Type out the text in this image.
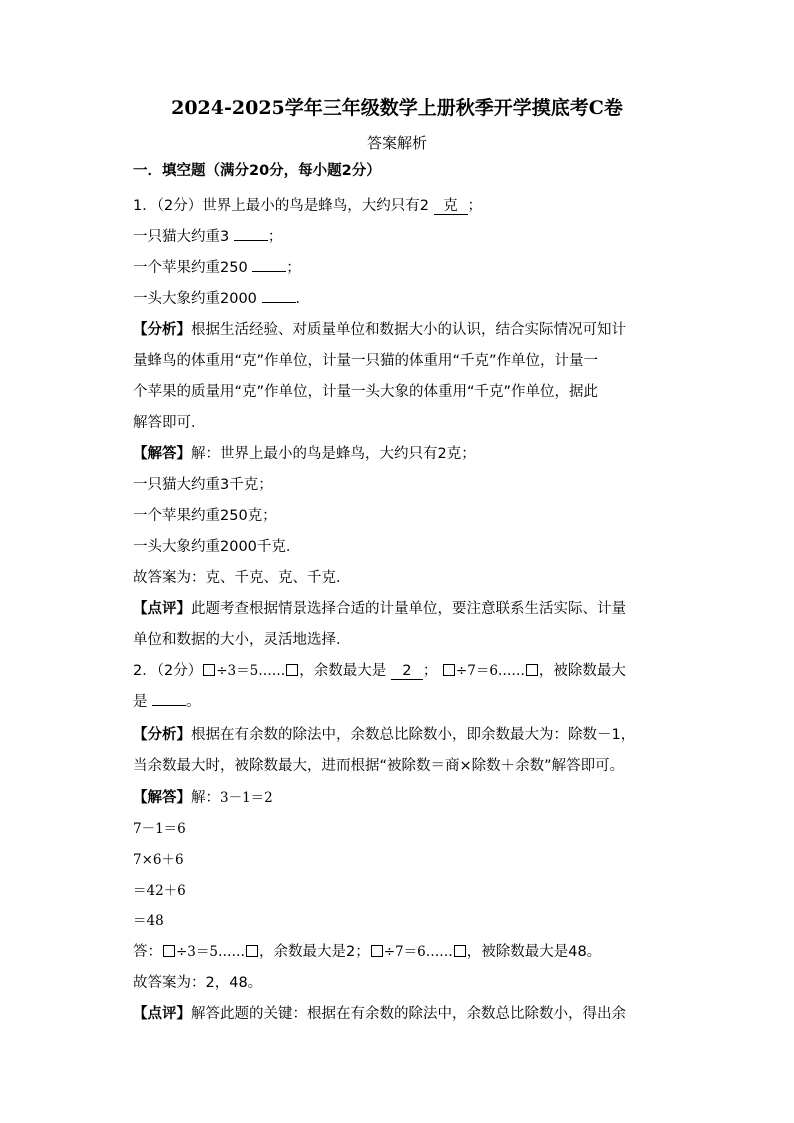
2024-2025学年三年级数学上册秋季开学摸底考C卷
答案解析
一．填空题（满分20分，每小题2分）
1．（2分）世界上最小的鸟是蜂鸟，大约只有2 克 ；
一只猫大约重3	；
一个苹果约重250	；
一头大象约重2000	．
【分析】根据生活经验、对质量单位和数据大小的认识，结合实际情况可知计
量蜂鸟的体重用“克”作单位，计量一只猫的体重用“千克”作单位，计量一
个苹果的质量用“克”作单位，计量一头大象的体重用“千克”作单位，据此
解答即可．
【解答】解：世界上最小的鸟是蜂鸟，大约只有2克；
一只猫大约重3千克；
一个苹果约重250克；
一头大象约重2000千克．
故答案为：克、千克、克、千克．
【点评】此题考查根据情景选择合适的计量单位，要注意联系生活实际、计量
单位和数据的大小，灵活地选择．
2．（2分） ÷3＝5…… ，余数最大是 2 ； ÷7＝6…… ，被除数最大
是	。
【分析】根据在有余数的除法中，余数总比除数小，即余数最大为：除数－1，
当余数最大时，被除数最大，进而根据“被除数＝商×除数＋余数”解答即可。
【解答】解：3－1＝2
7－1＝6
7×6＋6
＝42＋6
＝48
答： ÷3＝5…… ，余数最大是2； ÷7＝6…… ，被除数最大是48。
故答案为：2，48。
【点评】解答此题的关键：根据在有余数的除法中，余数总比除数小，得出余
